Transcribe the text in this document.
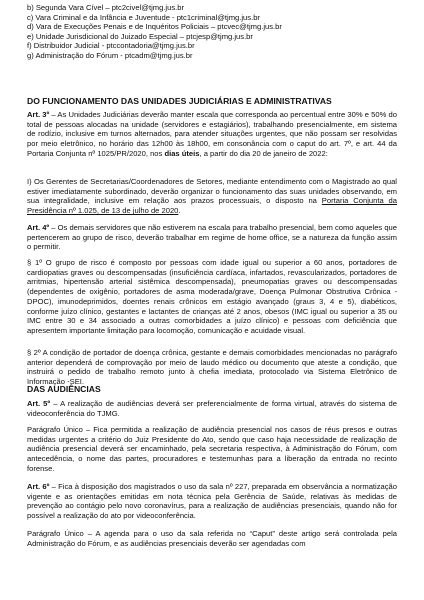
b) Segunda Vara Cível – ptc2civel@tjmg.jus.br
c) Vara Criminal e da Infância e Juventude - ptc1criminal@tjmg.jus.br
d) Vara de Execuções Penais e de Inquéritos Policiais – ptcvec@tjmg.jus.br
e) Unidade Jurisdicional do Juizado Especial – ptcjesp@tjmg.jus.br
f) Distribuidor Judicial - ptccontadoria@tjmg.jus.br
g) Administração do Fórum - ptcadm@tjmg.jus.br
DO FUNCIONAMENTO DAS UNIDADES JUDICIÁRIAS E ADMINISTRATIVAS
Art. 3º – As Unidades Judiciárias deverão manter escala que corresponda ao percentual entre 30% e 50% do total de pessoas alocadas na unidade (servidores e estagiários), trabalhando presencialmente, em sistema de rodízio, inclusive em turnos alternados, para atender situações urgentes, que não possam ser resolvidas por meio eletrônico, no horário das 12h00 às 18h00, em consonância com o caput do art. 7º, e art. 44 da Portaria Conjunta nº 1025/PR/2020, nos dias úteis, a partir do dia 20 de janeiro de 2022:
I) Os Gerentes de Secretarias/Coordenadores de Setores, mediante entendimento com o Magistrado ao qual estiver imediatamente subordinado, deverão organizar o funcionamento das suas unidades observando, em sua integralidade, inclusive em relação aos prazos processuais, o disposto na Portaria Conjunta da Presidência nº 1.025, de 13 de julho de 2020.
Art. 4º – Os demais servidores que não estiverem na escala para trabalho presencial, bem como aqueles que pertencerem ao grupo de risco, deverão trabalhar em regime de home office, se a natureza da função assim o permitir.
§ 1º O grupo de risco é composto por pessoas com idade igual ou superior a 60 anos, portadores de cardiopatias graves ou descompensadas (insuficiência cardíaca, infartados, revascularizados, portadores de arritmias, hipertensão arterial sistêmica descompensada), pneumopatias graves ou descompensadas (dependentes de oxigênio, portadores de asma moderada/grave, Doença Pulmonar Obstrutiva Crônica - DPOC), imunodeprimidos, doentes renais crônicos em estágio avançado (graus 3, 4 e 5), diabéticos, conforme juízo clínico, gestantes e lactantes de crianças até 2 anos, obesos (IMC igual ou superior a 35 ou IMC entre 30 e 34 associado a outras comorbidades a juízo clínico) e pessoas com deficiência que apresentem importante limitação para locomoção, comunicação e acuidade visual.
§ 2º A condição de portador de doença crônica, gestante e demais comorbidades mencionadas no parágrafo anterior dependerá de comprovação por meio de laudo médico ou documento que ateste a condição, que instruirá o pedido de trabalho remoto junto à chefia imediata, protocolado via Sistema Eletrônico de Informação -SEI.
DAS AUDIÊNCIAS
Art. 5º – A realização de audiências deverá ser preferencialmente de forma virtual, através do sistema de videoconferência do TJMG.
Parágrafo Único – Fica permitida a realização de audiência presencial nos casos de réus presos e outras medidas urgentes a critério do Juiz Presidente do Ato, sendo que caso haja necessidade de realização de audiência presencial deverá ser encaminhado, pela secretaria respectiva, à Administração do Fórum, com antecedência, o nome das partes, procuradores e testemunhas para a liberação da entrada no recinto forense.
Art. 6º – Fica à disposição dos magistrados o uso da sala nº 227, preparada em observância a normatização vigente e as orientações emitidas em nota técnica pela Gerência de Saúde, relativas às medidas de prevenção ao contágio pelo novo coronavírus, para a realização de audiências presenciais, quando não for possível a realização do ato por videoconferência.
Parágrafo Único – A agenda para o uso da sala referida no “Caput” deste artigo será controlada pela Administração do Fórum, e as audiências presenciais deverão ser agendadas com
